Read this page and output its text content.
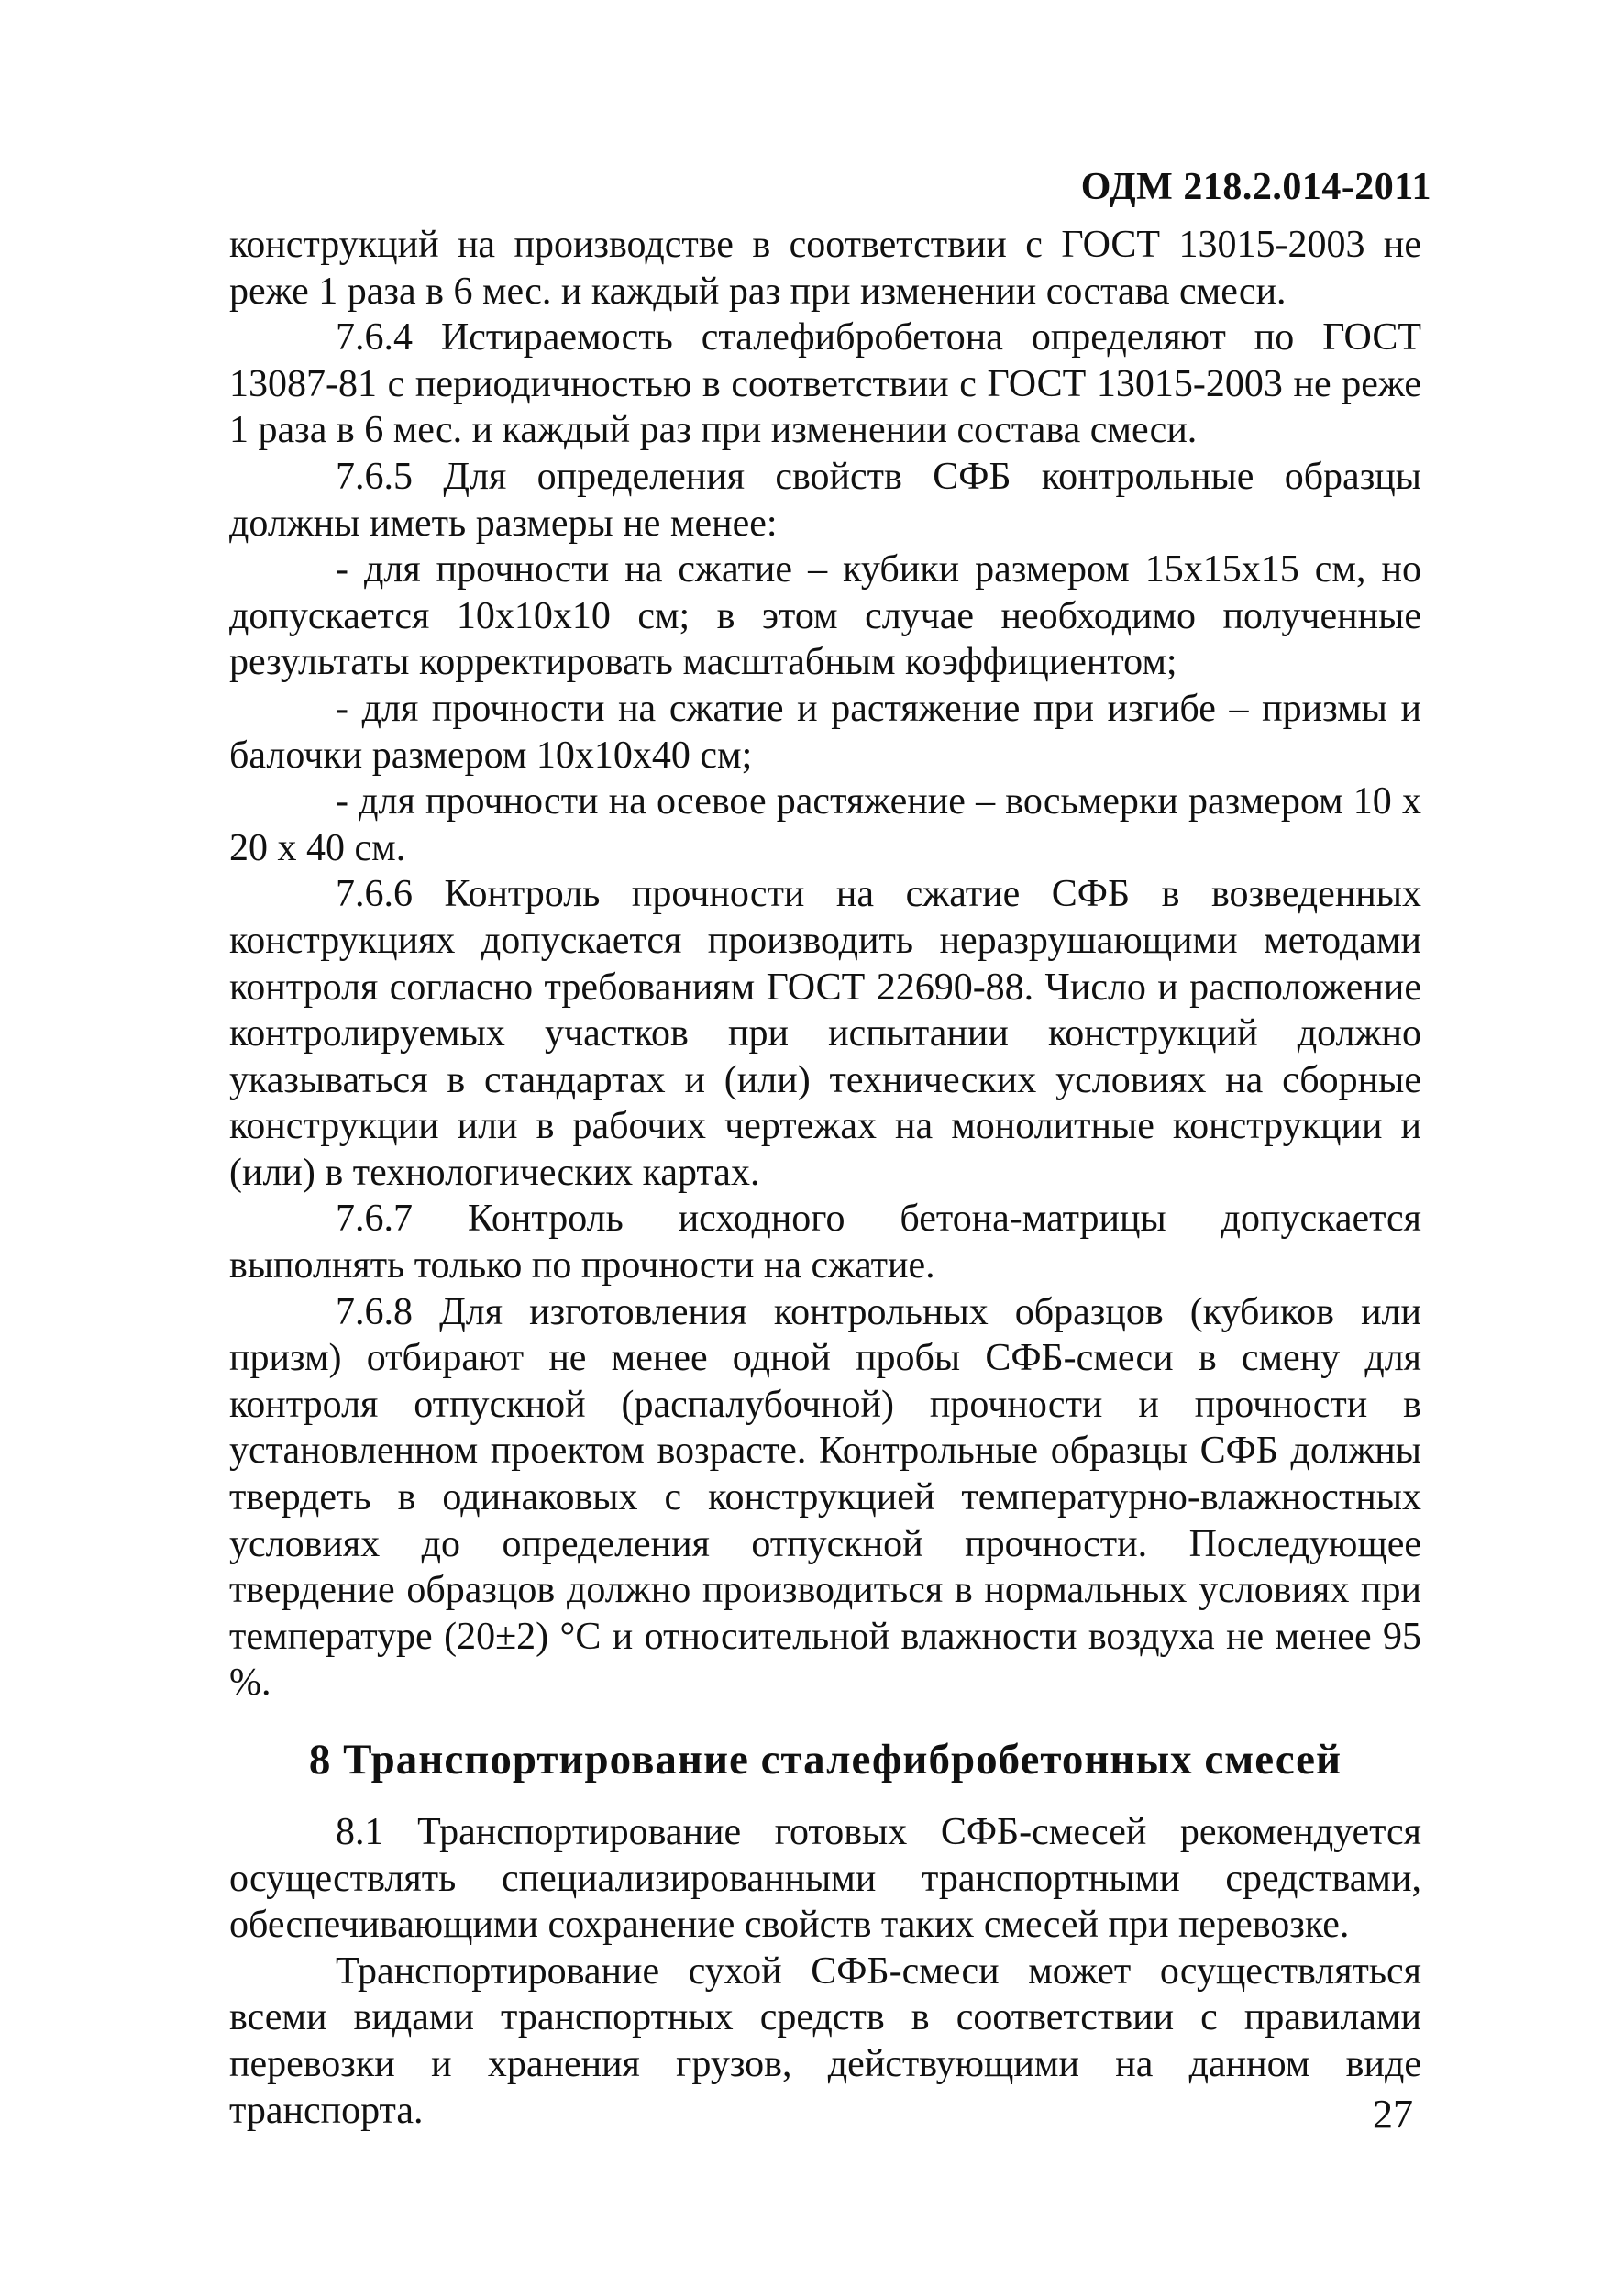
ОДМ 218.2.014-2011

конструкций на производстве в соответствии с ГОСТ 13015-2003 не реже 1 раза в 6 мес. и каждый раз при изменении состава смеси.

7.6.4 Истираемость сталефибробетона определяют по ГОСТ 13087-81 с периодичностью в соответствии с ГОСТ 13015-2003 не реже 1 раза в 6 мес. и каждый раз при изменении состава смеси.

7.6.5 Для определения свойств СФБ контрольные образцы должны иметь размеры не менее:

- для прочности на сжатие – кубики размером 15х15х15 см, но допускается 10х10х10 см; в этом случае необходимо полученные результаты корректировать масштабным коэффициентом;

- для прочности на сжатие и растяжение при изгибе – призмы и балочки размером 10х10х40 см;

- для прочности на осевое растяжение – восьмерки размером 10 х 20 х 40 см.

7.6.6 Контроль прочности на сжатие СФБ в возведенных конструкциях допускается производить неразрушающими методами контроля согласно требованиям ГОСТ 22690-88. Число и расположение контролируемых участков при испытании конструкций должно указываться в стандартах и (или) технических условиях на сборные конструкции или в рабочих чертежах на монолитные конструкции и (или) в технологических картах.

7.6.7 Контроль исходного бетона-матрицы допускается выполнять только по прочности на сжатие.

7.6.8 Для изготовления контрольных образцов (кубиков или призм) отбирают не менее одной пробы СФБ-смеси в смену для контроля отпускной (распалубочной) прочности и прочности в установленном проектом возрасте. Контрольные образцы СФБ должны твердеть в одинаковых с конструкцией температурно-влажностных условиях до определения отпускной прочности. Последующее твердение образцов должно производиться в нормальных условиях при температуре (20±2) °С и относительной влажности воздуха не менее 95 %.

8 Транспортирование сталефибробетонных смесей

8.1 Транспортирование готовых СФБ-смесей рекомендуется осуществлять специализированными транспортными средствами, обеспечивающими сохранение свойств таких смесей при перевозке.

Транспортирование сухой СФБ-смеси может осуществляться всеми видами транспортных средств в соответствии с правилами перевозки и хранения грузов, действующими на данном виде транспорта.	27
